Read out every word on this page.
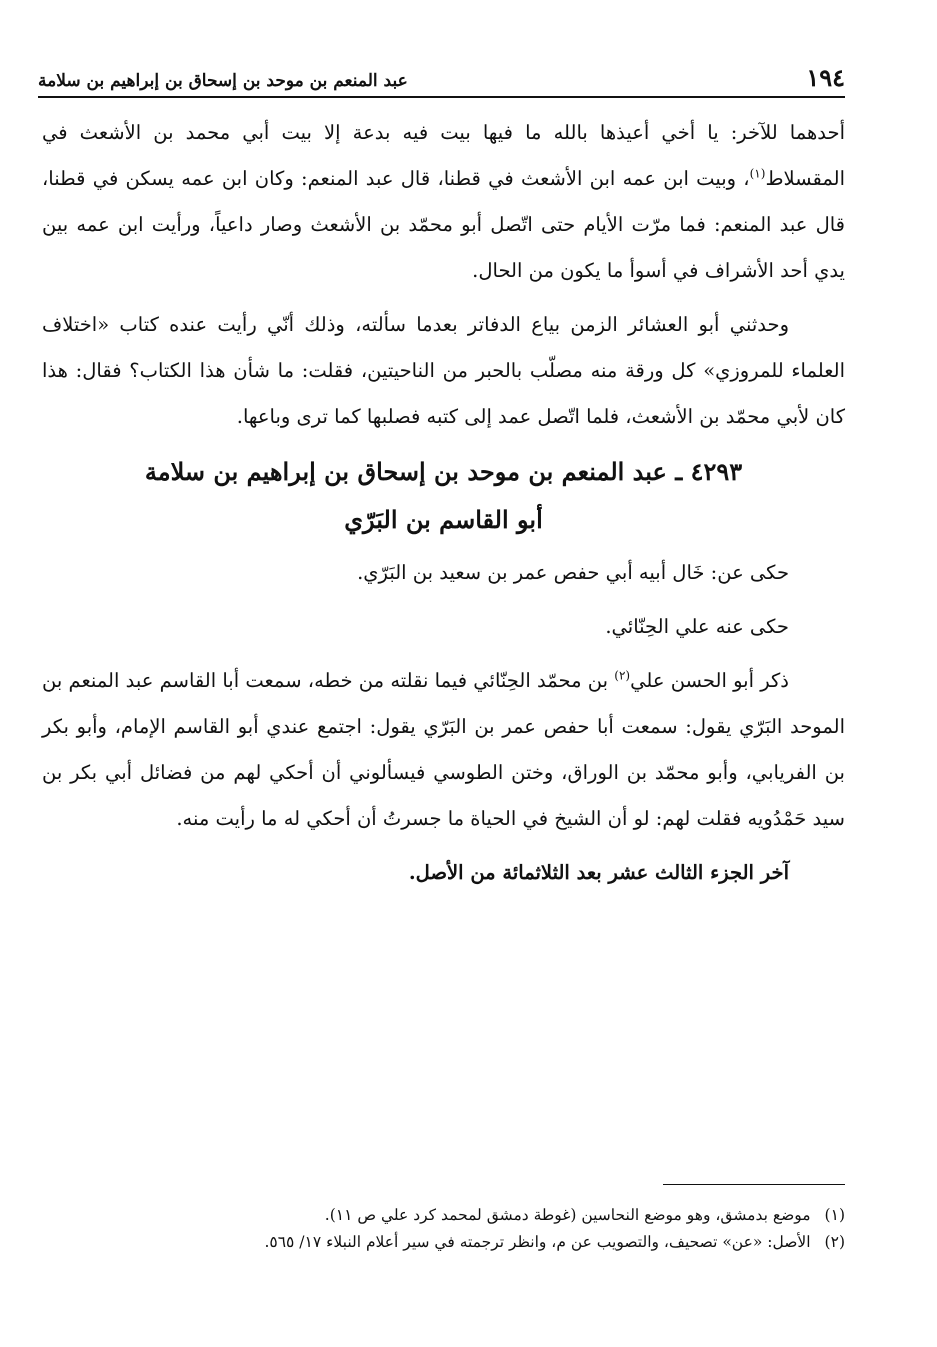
١٩٤
عبد المنعم بن موحد بن إسحاق بن إبراهيم بن سلامة

أحدهما للآخر: يا أخي أعيذها بالله ما فيها بيت فيه بدعة إلا بيت أبي محمد بن الأشعث في المقسلاط$^{(١)}$، وبيت ابن عمه ابن الأشعث في قطنا، قال عبد المنعم: وكان ابن عمه يسكن في قطنا، قال عبد المنعم: فما مرّت الأيام حتى اتّصل أبو محمّد بن الأشعث وصار داعياً، ورأيت ابن عمه بين يدي أحد الأشراف في أسوأ ما يكون من الحال.

وحدثني أبو العشائر الزمن بياع الدفاتر بعدما سألته، وذلك أنّي رأيت عنده كتاب «اختلاف العلماء للمروزي» كل ورقة منه مصلّب بالحبر من الناحيتين، فقلت: ما شأن هذا الكتاب؟ فقال: هذا كان لأبي محمّد بن الأشعث، فلما اتّصل عمد إلى كتبه فصلبها كما ترى وباعها.

٤٢٩٣ ـ عبد المنعم بن موحد بن إسحاق بن إبراهيم بن سلامة
أبو القاسم بن البَرّي

حكى عن: خَال أبيه أبي حفص عمر بن سعيد بن البَرّي.

حكى عنه علي الحِنّائي.

ذكر أبو الحسن علي$^{(٢)}$ بن محمّد الحِنّائي فيما نقلته من خطه، سمعت أبا القاسم عبد المنعم بن الموحد البَرّي يقول: سمعت أبا حفص عمر بن البَرّي يقول: اجتمع عندي أبو القاسم الإمام، وأبو بكر بن الفريابي، وأبو محمّد بن الوراق، وختن الطوسي فيسألوني أن أحكي لهم من فضائل أبي بكر بن سيد حَمْدُويه فقلت لهم: لو أن الشيخ في الحياة ما جسرتُ أن أحكي له ما رأيت منه.

آخر الجزء الثالث عشر بعد الثلاثمائة من الأصل.

(١)
موضع بدمشق، وهو موضع النحاسين (غوطة دمشق لمحمد كرد علي ص ١١).
(٢)
الأصل: «عن» تصحيف، والتصويب عن م، وانظر ترجمته في سير أعلام النبلاء ١٧/ ٥٦٥.
